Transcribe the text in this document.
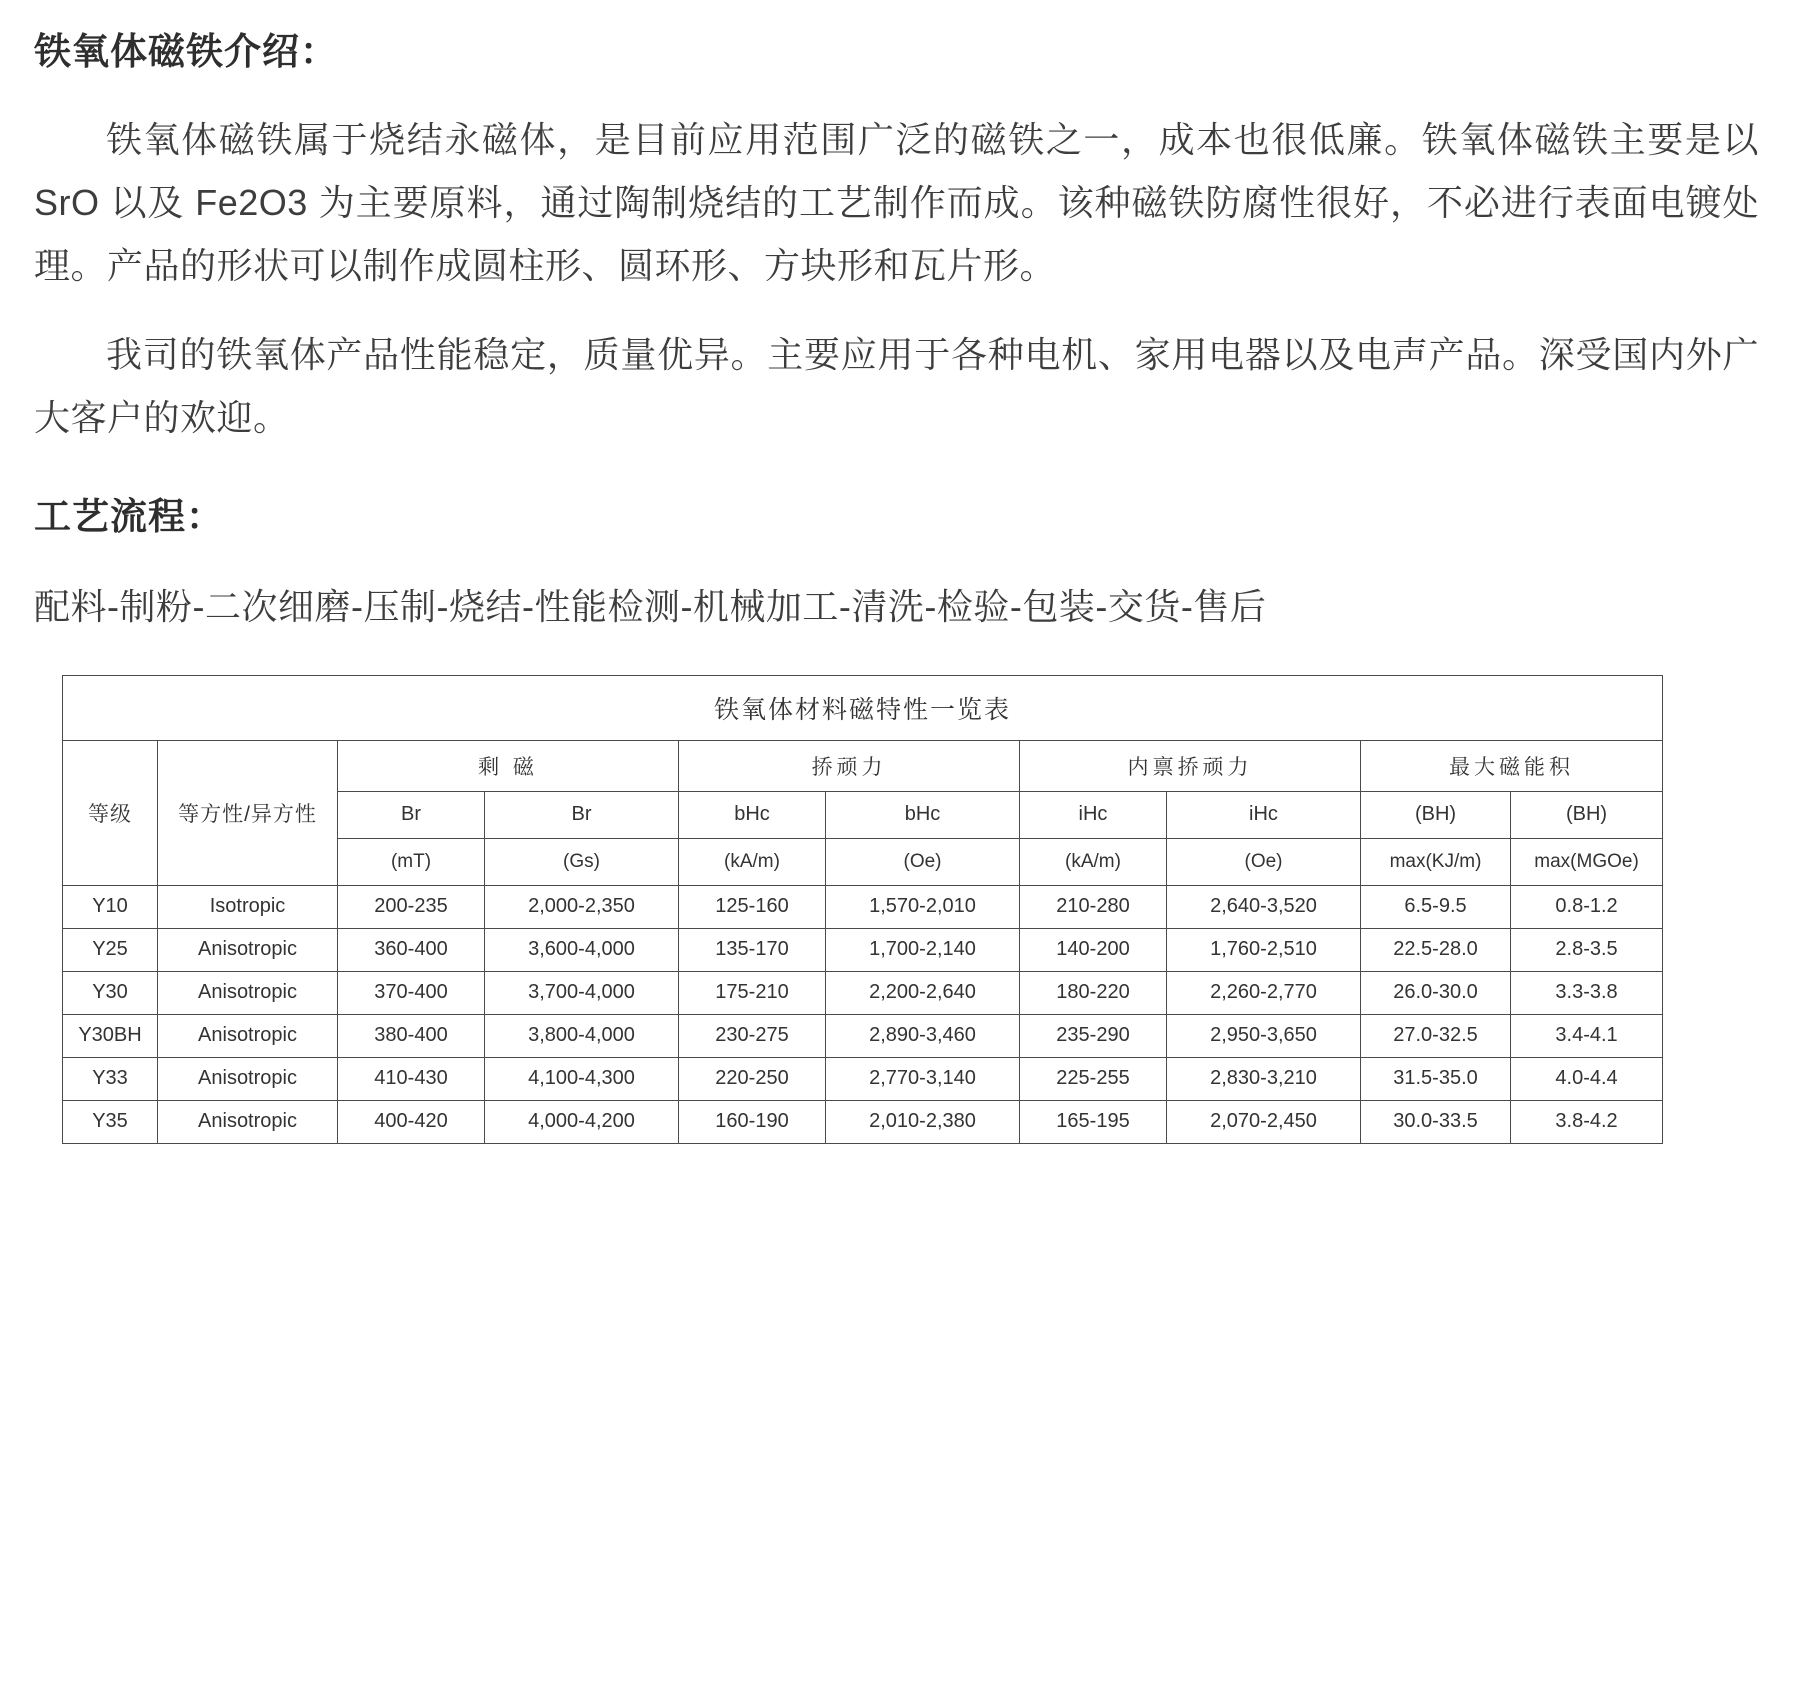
铁氧体磁铁介绍：

铁氧体磁铁属于烧结永磁体，是目前应用范围广泛的磁铁之一，成本也很低廉。铁氧体磁铁主要是以 SrO 以及 Fe2O3 为主要原料，通过陶制烧结的工艺制作而成。该种磁铁防腐性很好，不必进行表面电镀处理。产品的形状可以制作成圆柱形、圆环形、方块形和瓦片形。

我司的铁氧体产品性能稳定，质量优异。主要应用于各种电机、家用电器以及电声产品。深受国内外广大客户的欢迎。

工艺流程：

配料-制粉-二次细磨-压制-烧结-性能检测-机械加工-清洗-检验-包装-交货-售后

铁氧体材料磁特性一览表									
等级	等方性/异方性	剩 磁		挢顽力		内禀挢顽力		最大磁能积	
		Br	Br	bHc	bHc	iHc	iHc	(BH)	(BH)
		(mT)	(Gs)	(kA/m)	(Oe)	(kA/m)	(Oe)	max(KJ/m)	max(MGOe)
Y10	Isotropic	200-235	2,000-2,350	125-160	1,570-2,010	210-280	2,640-3,520	6.5-9.5	0.8-1.2
Y25	Anisotropic	360-400	3,600-4,000	135-170	1,700-2,140	140-200	1,760-2,510	22.5-28.0	2.8-3.5
Y30	Anisotropic	370-400	3,700-4,000	175-210	2,200-2,640	180-220	2,260-2,770	26.0-30.0	3.3-3.8
Y30BH	Anisotropic	380-400	3,800-4,000	230-275	2,890-3,460	235-290	2,950-3,650	27.0-32.5	3.4-4.1
Y33	Anisotropic	410-430	4,100-4,300	220-250	2,770-3,140	225-255	2,830-3,210	31.5-35.0	4.0-4.4
Y35	Anisotropic	400-420	4,000-4,200	160-190	2,010-2,380	165-195	2,070-2,450	30.0-33.5	3.8-4.2
